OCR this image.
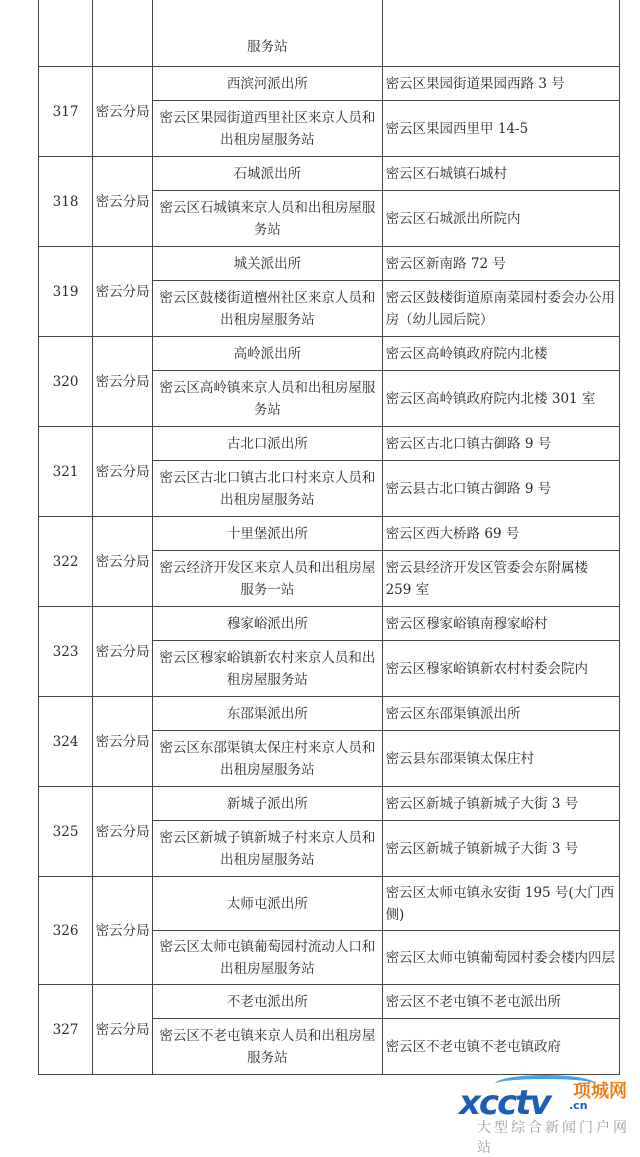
		服务站	
317	密云分局	西滨河派出所	密云区果园街道果园西路 3 号
		密云区果园街道西里社区来京人员和出租房屋服务站	密云区果园西里甲 14-5
318	密云分局	石城派出所	密云区石城镇石城村
		密云区石城镇来京人员和出租房屋服务站	密云区石城派出所院内
319	密云分局	城关派出所	密云区新南路 72 号
		密云区鼓楼街道檀州社区来京人员和出租房屋服务站	密云区鼓楼街道原南菜园村委会办公用房（幼儿园后院）
320	密云分局	高岭派出所	密云区高岭镇政府院内北楼
		密云区高岭镇来京人员和出租房屋服务站	密云区高岭镇政府院内北楼 301 室
321	密云分局	古北口派出所	密云区古北口镇古御路 9 号
		密云区古北口镇古北口村来京人员和出租房屋服务站	密云县古北口镇古御路 9 号
322	密云分局	十里堡派出所	密云区西大桥路 69 号
		密云经济开发区来京人员和出租房屋服务一站	密云县经济开发区管委会东附属楼 259 室
323	密云分局	穆家峪派出所	密云区穆家峪镇南穆家峪村
		密云区穆家峪镇新农村来京人员和出租房屋服务站	密云区穆家峪镇新农村村委会院内
324	密云分局	东邵渠派出所	密云区东邵渠镇派出所
		密云区东邵渠镇太保庄村来京人员和出租房屋服务站	密云县东邵渠镇太保庄村
325	密云分局	新城子派出所	密云区新城子镇新城子大街 3 号
		密云区新城子镇新城子村来京人员和出租房屋服务站	密云区新城子镇新城子大街 3 号
326	密云分局	太师屯派出所	密云区太师屯镇永安街 195 号(大门西侧)
		密云区太师屯镇葡萄园村流动人口和出租房屋服务站	密云区太师屯镇葡萄园村委会楼内四层
327	密云分局	不老屯派出所	密云区不老屯镇不老屯派出所
		密云区不老屯镇来京人员和出租房屋服务站	密云区不老屯镇不老屯镇政府
xcctv .cn
项城网
大型综合新闻门户网站
